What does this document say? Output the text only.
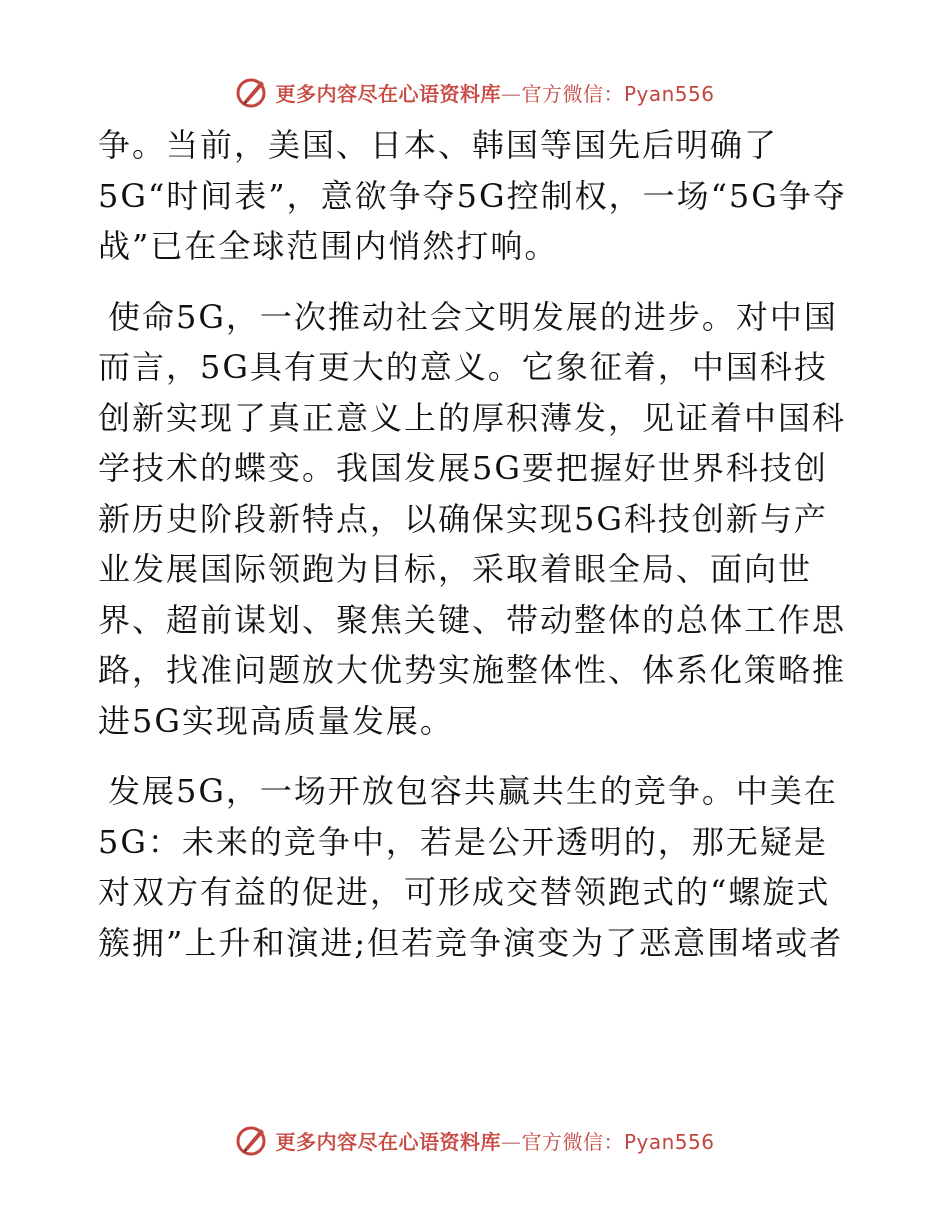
更多内容尽在心语资料库—官方微信：Pyan556

争。当前，美国、日本、韩国等国先后明确了5G“时间表”，意欲争夺5G控制权，一场“5G争夺战”已在全球范围内悄然打响。

使命5G，一次推动社会文明发展的进步。对中国而言，5G具有更大的意义。它象征着，中国科技创新实现了真正意义上的厚积薄发，见证着中国科学技术的蝶变。我国发展5G要把握好世界科技创新历史阶段新特点，以确保实现5G科技创新与产业发展国际领跑为目标，采取着眼全局、面向世界、超前谋划、聚焦关键、带动整体的总体工作思路，找准问题放大优势实施整体性、体系化策略推进5G实现高质量发展。

发展5G，一场开放包容共赢共生的竞争。中美在5G：未来的竞争中，若是公开透明的，那无疑是对双方有益的促进，可形成交替领跑式的“螺旋式簇拥”上升和演进;但若竞争演变为了恶意围堵或者

更多内容尽在心语资料库—官方微信：Pyan556
